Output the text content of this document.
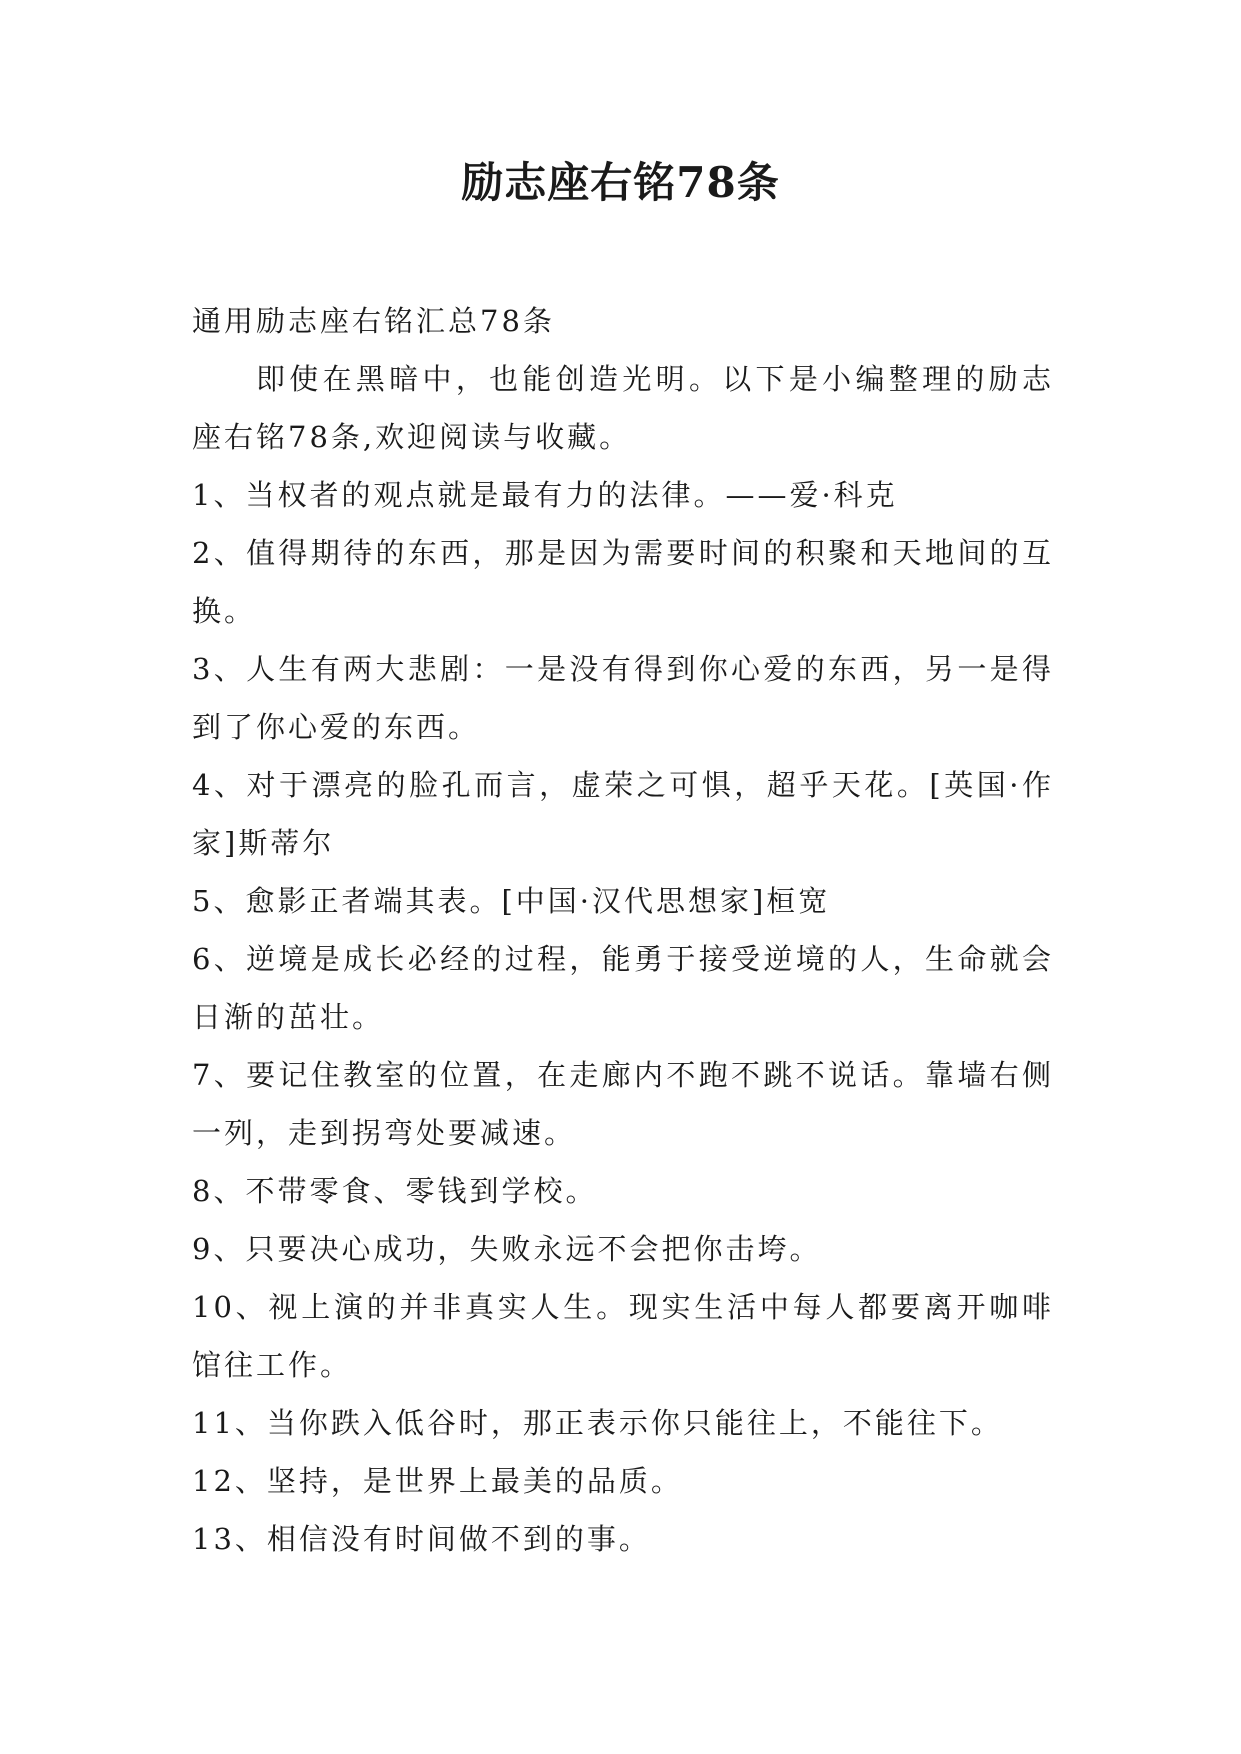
励志座右铭78条

通用励志座右铭汇总78条

即使在黑暗中，也能创造光明。以下是小编整理的励志座右铭78条,欢迎阅读与收藏。

1、当权者的观点就是最有力的法律。——爱·科克

2、值得期待的东西，那是因为需要时间的积聚和天地间的互换。

3、人生有两大悲剧：一是没有得到你心爱的东西，另一是得到了你心爱的东西。

4、对于漂亮的脸孔而言，虚荣之可惧，超乎天花。[英国·作家]斯蒂尔

5、愈影正者端其表。[中国·汉代思想家]桓宽

6、逆境是成长必经的过程，能勇于接受逆境的人，生命就会日渐的茁壮。

7、要记住教室的位置，在走廊内不跑不跳不说话。靠墙右侧一列，走到拐弯处要减速。

8、不带零食、零钱到学校。

9、只要决心成功，失败永远不会把你击垮。

10、视上演的并非真实人生。现实生活中每人都要离开咖啡馆往工作。

11、当你跌入低谷时，那正表示你只能往上，不能往下。

12、坚持，是世界上最美的品质。

13、相信没有时间做不到的事。
